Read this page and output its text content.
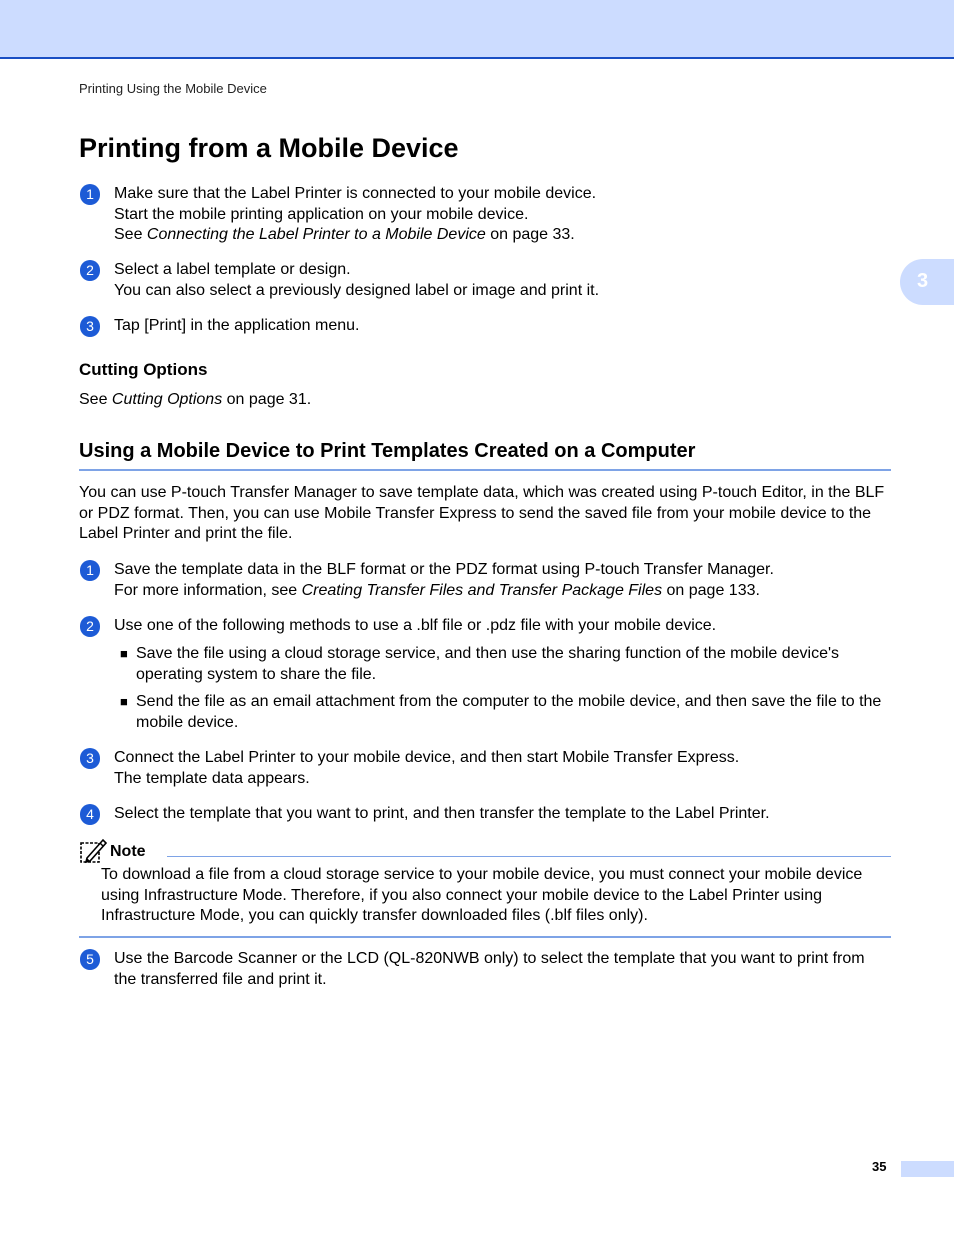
Printing Using the Mobile Device
3
Printing from a Mobile Device
1	Make sure that the Label Printer is connected to your mobile device.
Start the mobile printing application on your mobile device.
See Connecting the Label Printer to a Mobile Device on page 33.
2	Select a label template or design.
You can also select a previously designed label or image and print it.
3	Tap [Print] in the application menu.
Cutting Options

See Cutting Options on page 31.

Using a Mobile Device to Print Templates Created on a Computer

You can use P-touch Transfer Manager to save template data, which was created using P-touch Editor, in the BLF or PDZ format. Then, you can use Mobile Transfer Express to send the saved file from your mobile device to the Label Printer and print the file.

1	Save the template data in the BLF format or the PDZ format using P-touch Transfer Manager.
For more information, see Creating Transfer Files and Transfer Package Files on page 133.
2	Use one of the following methods to use a .blf file or .pdz file with your mobile device.
■ Save the file using a cloud storage service, and then use the sharing function of the mobile device's operating system to share the file.
■ Send the file as an email attachment from the computer to the mobile device, and then save the file to the mobile device.
3	Connect the Label Printer to your mobile device, and then start Mobile Transfer Express.
The template data appears.
4	Select the template that you want to print, and then transfer the template to the Label Printer.
Note
To download a file from a cloud storage service to your mobile device, you must connect your mobile device using Infrastructure Mode. Therefore, if you also connect your mobile device to the Label Printer using Infrastructure Mode, you can quickly transfer downloaded files (.blf files only).
5	Use the Barcode Scanner or the LCD (QL-820NWB only) to select the template that you want to print from the transferred file and print it.
35
